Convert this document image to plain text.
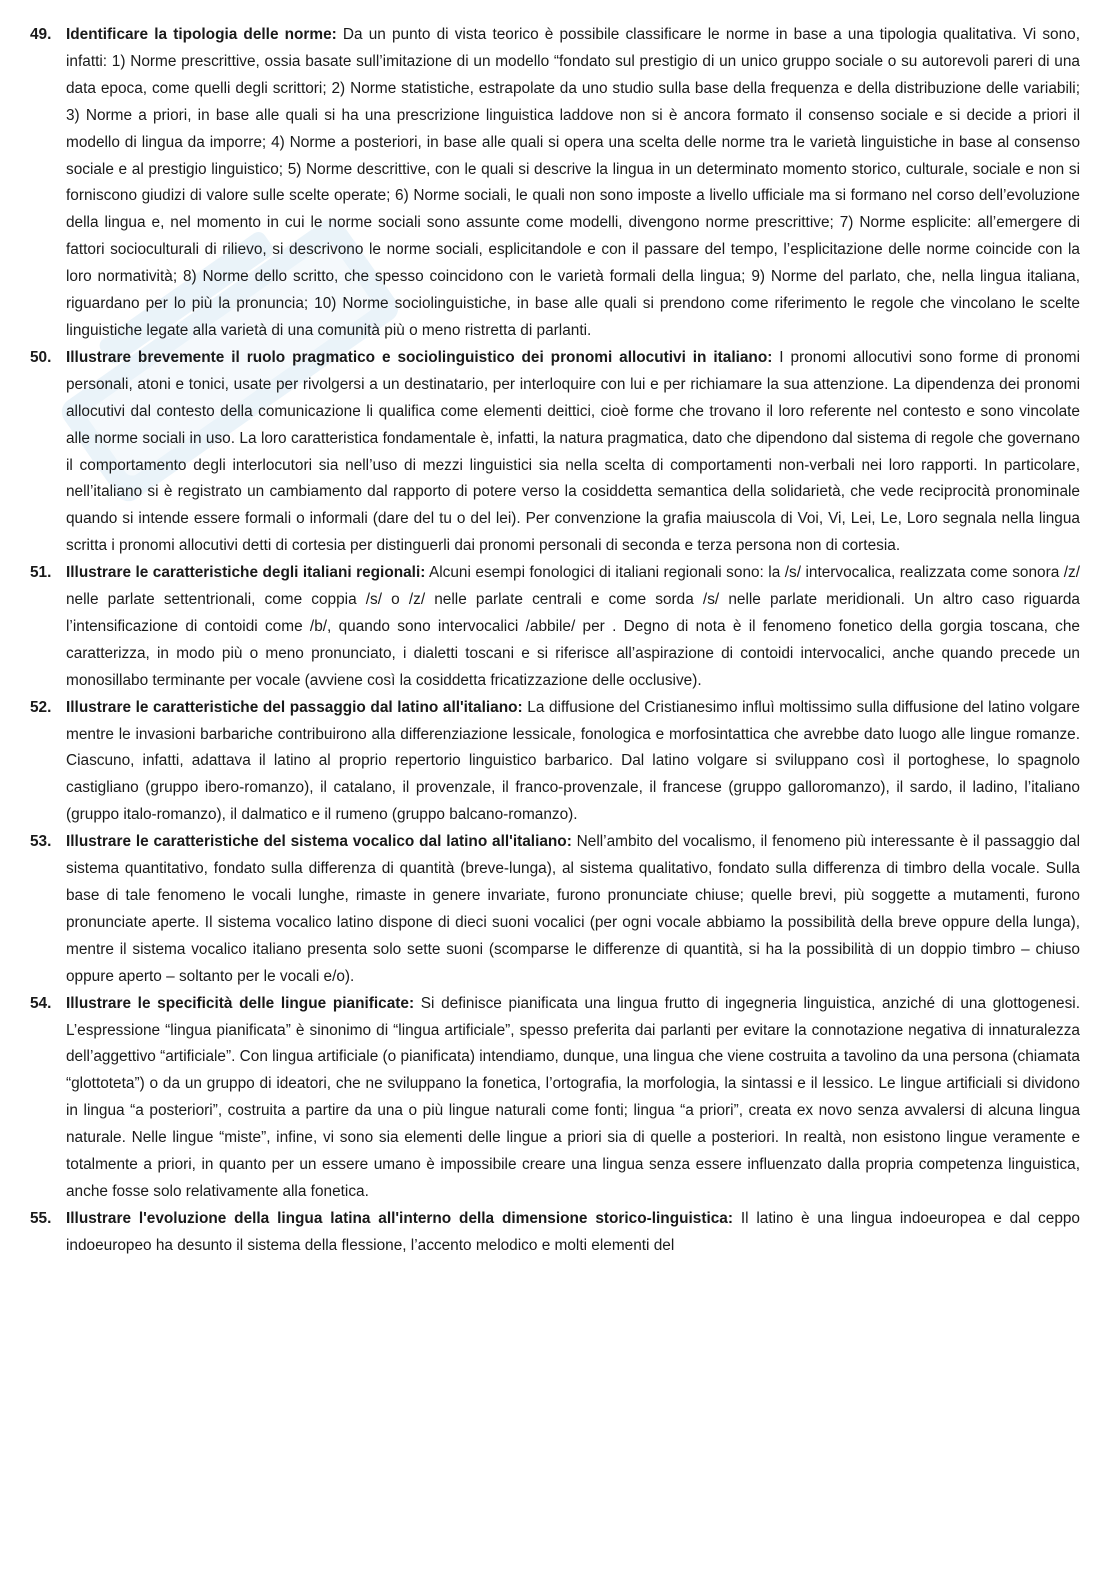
49. Identificare la tipologia delle norme: Da un punto di vista teorico è possibile classificare le norme in base a una tipologia qualitativa. Vi sono, infatti: 1) Norme prescrittive, ossia basate sull’imitazione di un modello “fondato sul prestigio di un unico gruppo sociale o su autorevoli pareri di una data epoca, come quelli degli scrittori; 2) Norme statistiche, estrapolate da uno studio sulla base della frequenza e della distribuzione delle variabili; 3) Norme a priori, in base alle quali si ha una prescrizione linguistica laddove non si è ancora formato il consenso sociale e si decide a priori il modello di lingua da imporre; 4) Norme a posteriori, in base alle quali si opera una scelta delle norme tra le varietà linguistiche in base al consenso sociale e al prestigio linguistico; 5) Norme descrittive, con le quali si descrive la lingua in un determinato momento storico, culturale, sociale e non si forniscono giudizi di valore sulle scelte operate; 6) Norme sociali, le quali non sono imposte a livello ufficiale ma si formano nel corso dell’evoluzione della lingua e, nel momento in cui le norme sociali sono assunte come modelli, divengono norme prescrittive; 7) Norme esplicite: all’emergere di fattori socioculturali di rilievo, si descrivono le norme sociali, esplicitandole e con il passare del tempo, l’esplicitazione delle norme coincide con la loro normatività; 8) Norme dello scritto, che spesso coincidono con le varietà formali della lingua; 9) Norme del parlato, che, nella lingua italiana, riguardano per lo più la pronuncia; 10) Norme sociolinguistiche, in base alle quali si prendono come riferimento le regole che vincolano le scelte linguistiche legate alla varietà di una comunità più o meno ristretta di parlanti.
50. Illustrare brevemente il ruolo pragmatico e sociolinguistico dei pronomi allocutivi in italiano: I pronomi allocutivi sono forme di pronomi personali, atoni e tonici, usate per rivolgersi a un destinatario, per interloquire con lui e per richiamare la sua attenzione. La dipendenza dei pronomi allocutivi dal contesto della comunicazione li qualifica come elementi deittici, cioè forme che trovano il loro referente nel contesto e sono vincolate alle norme sociali in uso. La loro caratteristica fondamentale è, infatti, la natura pragmatica, dato che dipendono dal sistema di regole che governano il comportamento degli interlocutori sia nell’uso di mezzi linguistici sia nella scelta di comportamenti non-verbali nei loro rapporti. In particolare, nell’italiano si è registrato un cambiamento dal rapporto di potere verso la cosiddetta semantica della solidarietà, che vede reciprocità pronominale quando si intende essere formali o informali (dare del tu o del lei). Per convenzione la grafia maiuscola di Voi, Vi, Lei, Le, Loro segnala nella lingua scritta i pronomi allocutivi detti di cortesia per distinguerli dai pronomi personali di seconda e terza persona non di cortesia.
51. Illustrare le caratteristiche degli italiani regionali: Alcuni esempi fonologici di italiani regionali sono: la /s/ intervocalica, realizzata come sonora /z/ nelle parlate settentrionali, come coppia /s/ o /z/ nelle parlate centrali e come sorda /s/ nelle parlate meridionali. Un altro caso riguarda l’intensificazione di contoidi come /b/, quando sono intervocalici /abbile/ per . Degno di nota è il fenomeno fonetico della gorgia toscana, che caratterizza, in modo più o meno pronunciato, i dialetti toscani e si riferisce all’aspirazione di contoidi intervocalici, anche quando precede un monosillabo terminante per vocale (avviene così la cosiddetta fricatizzazione delle occlusive).
52. Illustrare le caratteristiche del passaggio dal latino all'italiano: La diffusione del Cristianesimo influì moltissimo sulla diffusione del latino volgare mentre le invasioni barbariche contribuirono alla differenziazione lessicale, fonologica e morfosintattica che avrebbe dato luogo alle lingue romanze. Ciascuno, infatti, adattava il latino al proprio repertorio linguistico barbarico. Dal latino volgare si sviluppano così il portoghese, lo spagnolo castigliano (gruppo ibero-romanzo), il catalano, il provenzale, il franco-provenzale, il francese (gruppo galloromanzo), il sardo, il ladino, l’italiano (gruppo italo-romanzo), il dalmatico e il rumeno (gruppo balcano-romanzo).
53. Illustrare le caratteristiche del sistema vocalico dal latino all'italiano: Nell’ambito del vocalismo, il fenomeno più interessante è il passaggio dal sistema quantitativo, fondato sulla differenza di quantità (breve-lunga), al sistema qualitativo, fondato sulla differenza di timbro della vocale. Sulla base di tale fenomeno le vocali lunghe, rimaste in genere invariate, furono pronunciate chiuse; quelle brevi, più soggette a mutamenti, furono pronunciate aperte. Il sistema vocalico latino dispone di dieci suoni vocalici (per ogni vocale abbiamo la possibilità della breve oppure della lunga), mentre il sistema vocalico italiano presenta solo sette suoni (scomparse le differenze di quantità, si ha la possibilità di un doppio timbro – chiuso oppure aperto – soltanto per le vocali e/o).
54. Illustrare le specificità delle lingue pianificate: Si definisce pianificata una lingua frutto di ingegneria linguistica, anziché di una glottogenesi. L’espressione “lingua pianificata” è sinonimo di “lingua artificiale”, spesso preferita dai parlanti per evitare la connotazione negativa di innaturalezza dell’aggettivo “artificiale”. Con lingua artificiale (o pianificata) intendiamo, dunque, una lingua che viene costruita a tavolino da una persona (chiamata “glottoteta”) o da un gruppo di ideatori, che ne sviluppano la fonetica, l’ortografia, la morfologia, la sintassi e il lessico. Le lingue artificiali si dividono in lingua “a posteriori”, costruita a partire da una o più lingue naturali come fonti; lingua “a priori”, creata ex novo senza avvalersi di alcuna lingua naturale. Nelle lingue “miste”, infine, vi sono sia elementi delle lingue a priori sia di quelle a posteriori. In realtà, non esistono lingue veramente e totalmente a priori, in quanto per un essere umano è impossibile creare una lingua senza essere influenzato dalla propria competenza linguistica, anche fosse solo relativamente alla fonetica.
55. Illustrare l'evoluzione della lingua latina all'interno della dimensione storico-linguistica: Il latino è una lingua indoeuropea e dal ceppo indoeuropeo ha desunto il sistema della flessione, l’accento melodico e molti elementi del
